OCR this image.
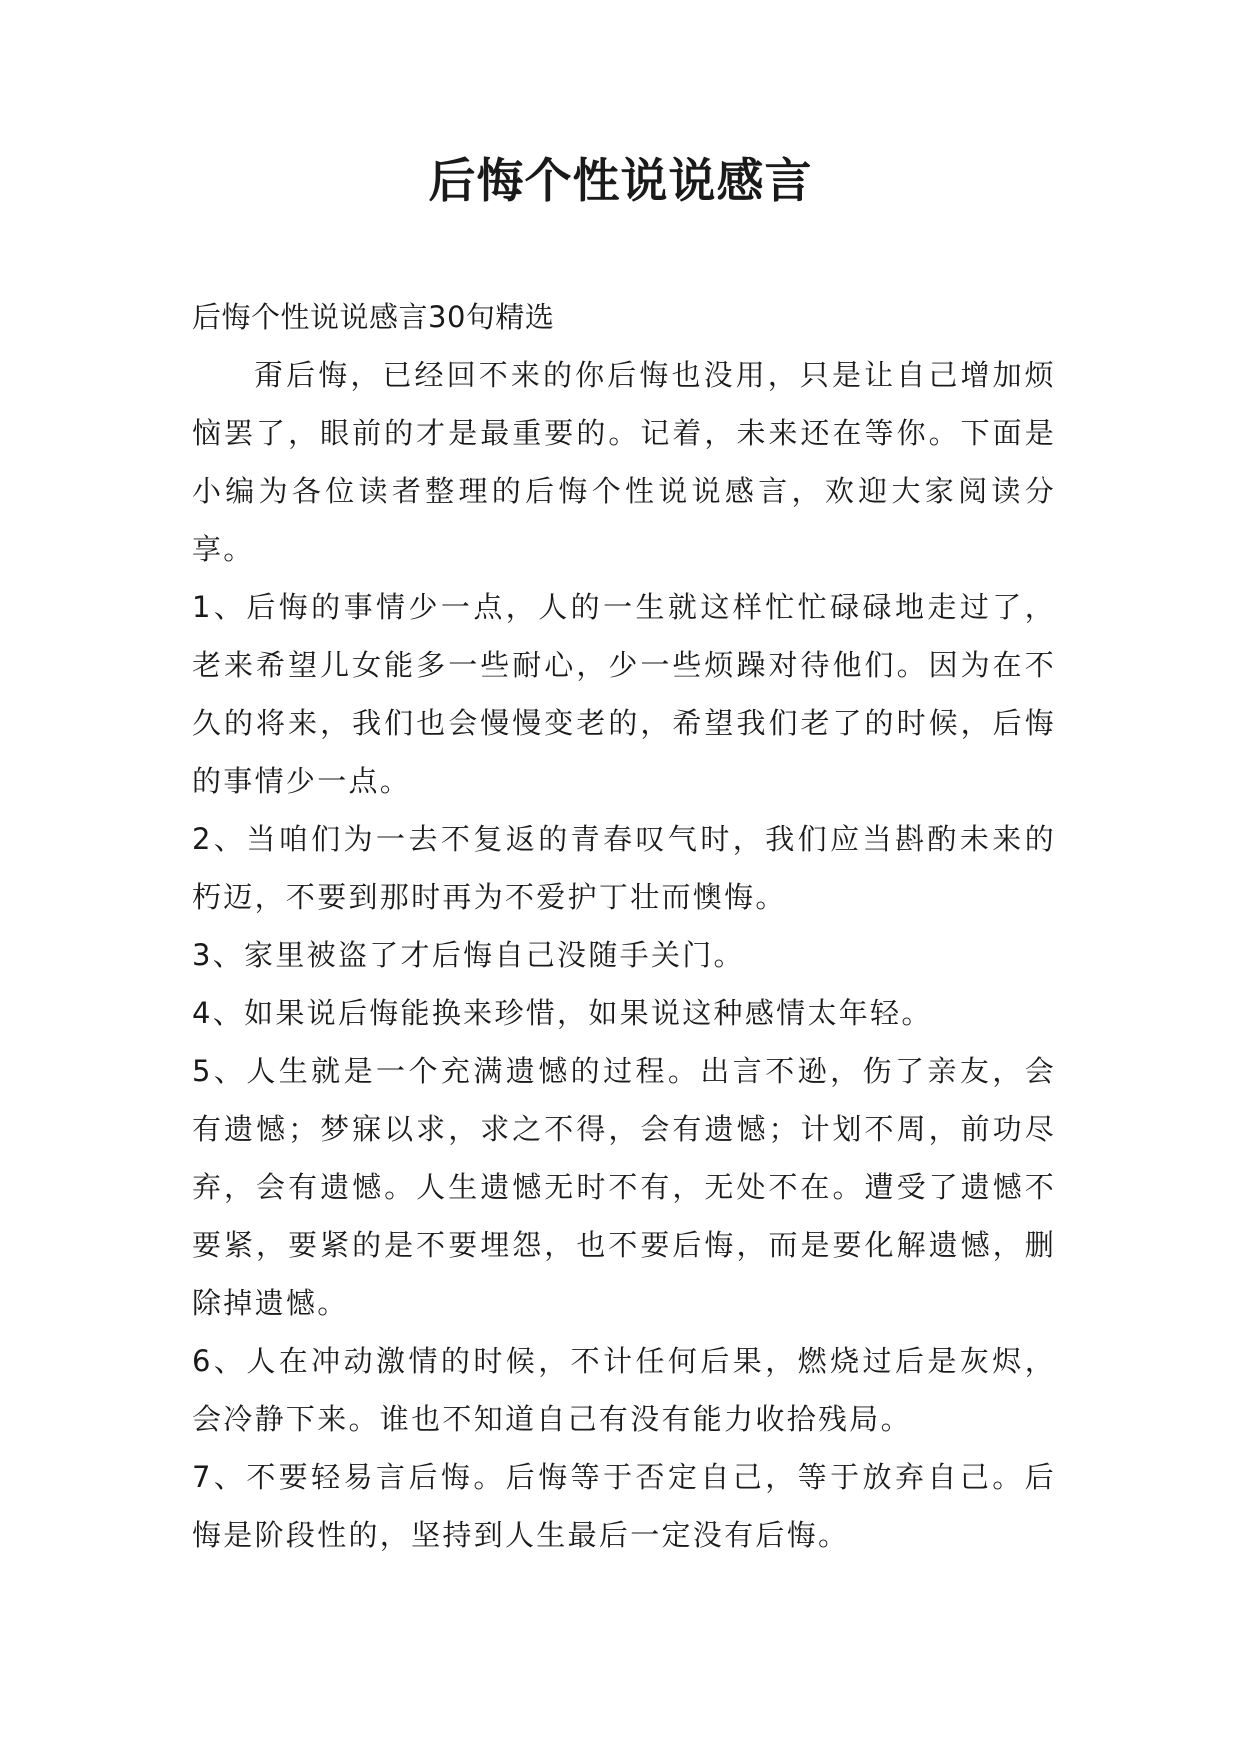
后悔个性说说感言

后悔个性说说感言30句精选

甭后悔，已经回不来的你后悔也没用，只是让自己增加烦恼罢了，眼前的才是最重要的。记着，未来还在等你。下面是小编为各位读者整理的后悔个性说说感言，欢迎大家阅读分享。

1、后悔的事情少一点，人的一生就这样忙忙碌碌地走过了，老来希望儿女能多一些耐心，少一些烦躁对待他们。因为在不久的将来，我们也会慢慢变老的，希望我们老了的时候，后悔的事情少一点。

2、当咱们为一去不复返的青春叹气时，我们应当斟酌未来的朽迈，不要到那时再为不爱护丁壮而懊悔。

3、家里被盗了才后悔自己没随手关门。

4、如果说后悔能换来珍惜，如果说这种感情太年轻。

5、人生就是一个充满遗憾的过程。出言不逊，伤了亲友，会有遗憾；梦寐以求，求之不得，会有遗憾；计划不周，前功尽弃，会有遗憾。人生遗憾无时不有，无处不在。遭受了遗憾不要紧，要紧的是不要埋怨，也不要后悔，而是要化解遗憾，删除掉遗憾。

6、人在冲动激情的时候，不计任何后果，燃烧过后是灰烬，会冷静下来。谁也不知道自己有没有能力收拾残局。

7、不要轻易言后悔。后悔等于否定自己，等于放弃自己。后悔是阶段性的，坚持到人生最后一定没有后悔。
